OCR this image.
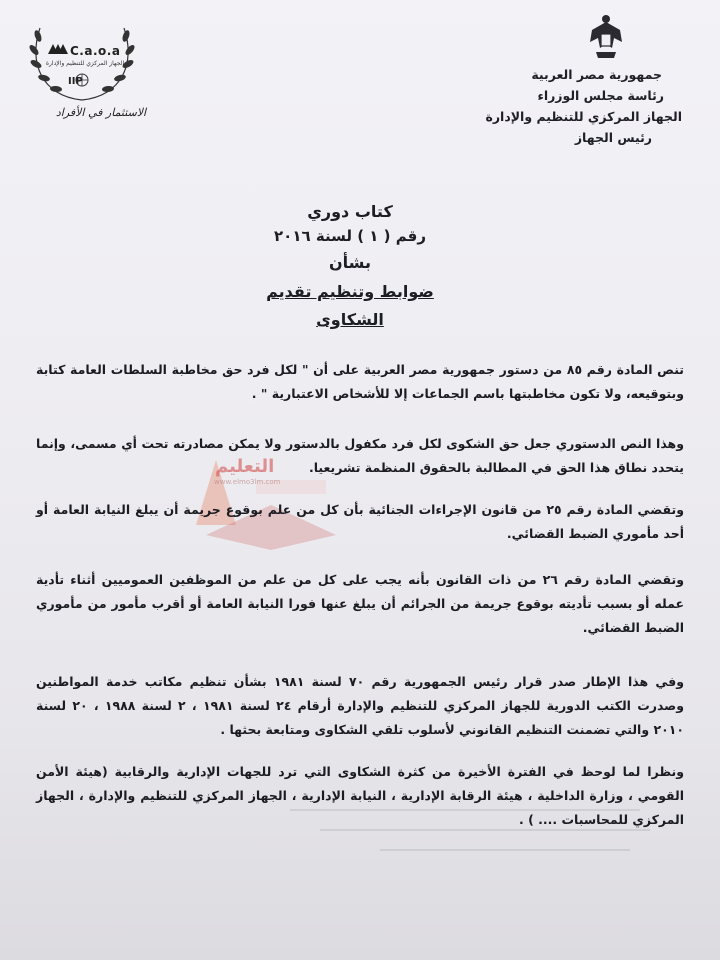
C.a.o.a
الجهاز المركزي للتنظيم والإدارة
IIP
الاستثمار في الأفراد
جمهورية مصر العربية
رئاسة مجلس الوزراء
الجهاز المركزي للتنظيم والإدارة
رئيس الجهاز
كتاب دوري
رقم ( ١ ) لسنة ٢٠١٦
بشأن
ضوابط وتنظيم تقديم الشكاوى
التعليم
www.elmo3lm.com

تنص المادة رقم ٨٥ من دستور جمهورية مصر العربية على أن " لكل فرد حق مخاطبة السلطات العامة كتابة وبتوقيعه، ولا تكون مخاطبتها باسم الجماعات إلا للأشخاص الاعتبارية " .

وهذا النص الدستوري جعل حق الشكوى لكل فرد مكفول بالدستور ولا يمكن مصادرته تحت أي مسمى، وإنما يتحدد نطاق هذا الحق في المطالبة بالحقوق المنظمة تشريعيا.

وتقضي المادة رقم ٢٥ من قانون الإجراءات الجنائية بأن كل من علم بوقوع جريمة أن يبلغ النيابة العامة أو أحد مأموري الضبط القضائي.

وتقضي المادة رقم ٢٦ من ذات القانون بأنه يجب على كل من علم من الموظفين العموميين أثناء تأدية عمله أو بسبب تأديته بوقوع جريمة من الجرائم أن يبلغ عنها فورا النيابة العامة أو أقرب مأمور من مأموري الضبط القضائي.

وفي هذا الإطار صدر قرار رئيس الجمهورية رقم ٧٠ لسنة ١٩٨١ بشأن تنظيم مكاتب خدمة المواطنين وصدرت الكتب الدورية للجهاز المركزي للتنظيم والإدارة أرقام ٢٤ لسنة ١٩٨١ ، ٢ لسنة ١٩٨٨ ، ٢٠ لسنة ٢٠١٠ والتي تضمنت التنظيم القانوني لأسلوب تلقي الشكاوى ومتابعة بحثها .

ونظرا لما لوحظ في الفترة الأخيرة من كثرة الشكاوى التي ترد للجهات الإدارية والرقابية (هيئة الأمن القومي ، وزارة الداخلية ، هيئة الرقابة الإدارية ، النيابة الإدارية ، الجهاز المركزي للتنظيم والإدارة ، الجهاز المركزي للمحاسبات .... ) .
